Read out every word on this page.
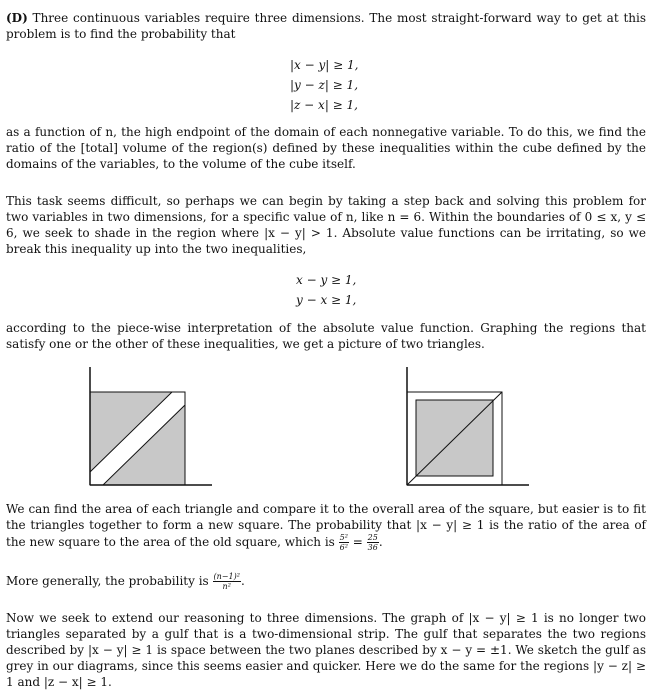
(D) Three continuous variables require three dimensions. The most straight-forward way to get at this problem is to find the probability that
|x − y| ≥ 1,
|y − z| ≥ 1,
|z − x| ≥ 1,
as a function of n, the high endpoint of the domain of each nonnegative variable. To do this, we find the ratio of the [total] volume of the region(s) defined by these inequalities within the cube defined by the domains of the variables, to the volume of the cube itself.
This task seems difficult, so perhaps we can begin by taking a step back and solving this problem for two variables in two dimensions, for a specific value of n, like n = 6. Within the boundaries of 0 ≤ x, y ≤ 6, we seek to shade in the region where |x − y| > 1. Absolute value functions can be irritating, so we break this inequality up into the two inequalities,
x − y ≥ 1,
y − x ≥ 1,
according to the piece-wise interpretation of the absolute value function. Graphing the regions that satisfy one or the other of these inequalities, we get a picture of two triangles.
We can find the area of each triangle and compare it to the overall area of the square, but easier is to fit the triangles together to form a new square. The probability that |x − y| ≥ 1 is the ratio of the area of the new square to the area of the old square, which is $\frac{\text{5²}}{\text{6²}} = \frac{25}{36}$ .
More generally, the probability is $\frac{\text{(n−1)²}}{\text{n²}}$ .
Now we seek to extend our reasoning to three dimensions. The graph of |x − y| ≥ 1 is no longer two triangles separated by a gulf that is a two-dimensional strip. The gulf that separates the two regions described by |x − y| ≥ 1 is space between the two planes described by x − y = ±1. We sketch the gulf as grey in our diagrams, since this seems easier and quicker. Here we do the same for the regions |y − z| ≥ 1 and |z − x| ≥ 1.
